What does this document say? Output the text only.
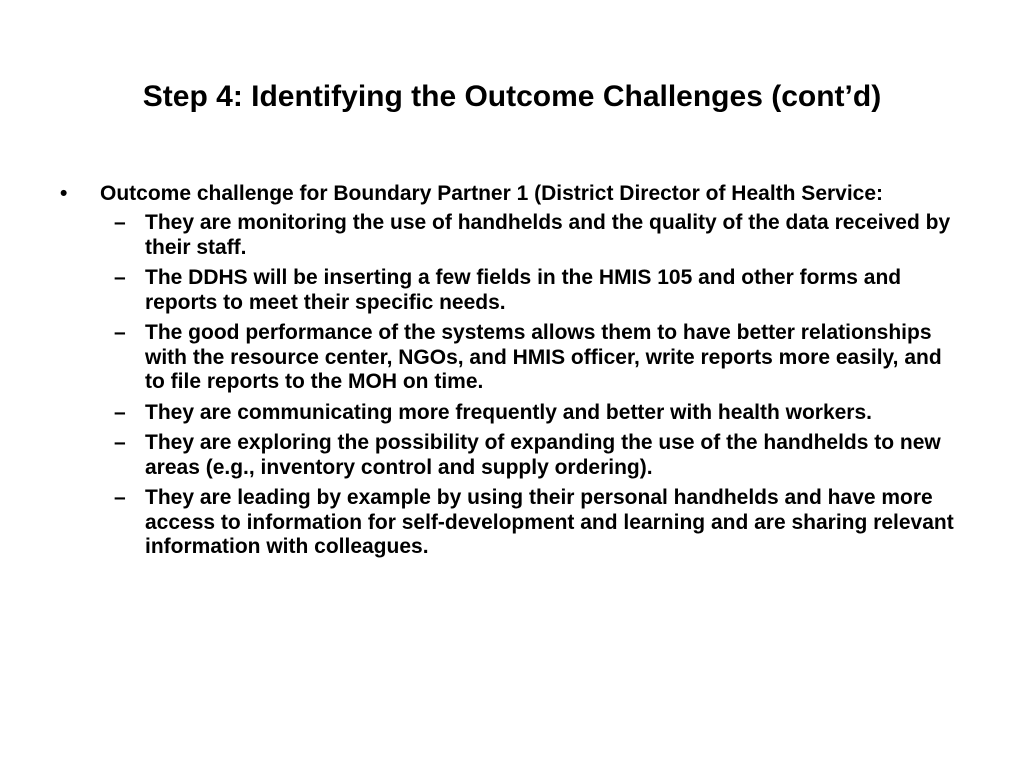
Step 4: Identifying the Outcome Challenges (cont’d)
• Outcome challenge for Boundary Partner 1 (District Director of Health Service:
– They are monitoring the use of handhelds and the quality of the data received by their staff.
– The DDHS will be inserting a few fields in the HMIS 105 and other forms and reports to meet their specific needs.
– The good performance of the systems allows them to have better relationships with the resource center, NGOs, and HMIS officer, write reports more easily, and to file reports to the MOH on time.
– They are communicating more frequently and better with health workers.
– They are exploring the possibility of expanding the use of the handhelds to new areas (e.g., inventory control and supply ordering).
– They are leading by example by using their personal handhelds and have more access to information for self-development and learning and are sharing relevant information with colleagues.
